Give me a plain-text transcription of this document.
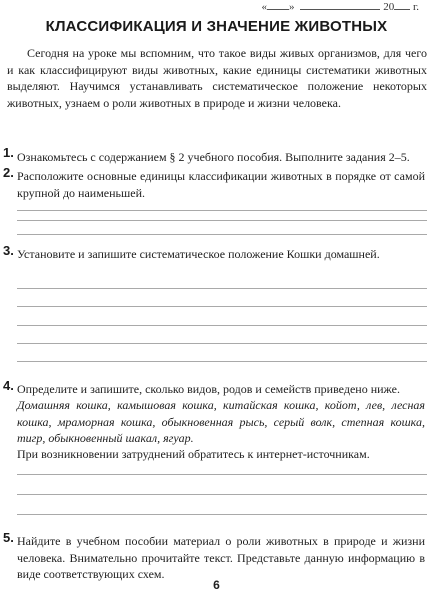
« »	20 г.
КЛАССИФИКАЦИЯ И ЗНАЧЕНИЕ ЖИВОТНЫХ

Сегодня на уроке мы вспомним, что такое виды живых организмов, для чего и как классифицируют виды животных, какие единицы систематики животных выделяют. Научимся устанавливать систематическое положение некоторых животных, узнаем о роли животных в природе и жизни человека.

1. Ознакомьтесь с содержанием § 2 учебного пособия. Выполните задания 2–5.

2. Расположите основные единицы классификации животных в порядке от самой крупной до наименьшей.

3. Установите и запишите систематическое положение Кошки домашней.

4. Определите и запишите, сколько видов, родов и семейств приведено ниже.

Домашняя кошка, камышовая кошка, китайская кошка, койот, лев, лесная кошка, мраморная кошка, обыкновенная рысь, серый волк, степная кошка, тигр, обыкновенный шакал, ягуар.

При возникновении затруднений обратитесь к интернет-источникам.

5. Найдите в учебном пособии материал о роли животных в природе и жизни человека. Внимательно прочитайте текст. Представьте данную информацию в виде соответствующих схем.

6
